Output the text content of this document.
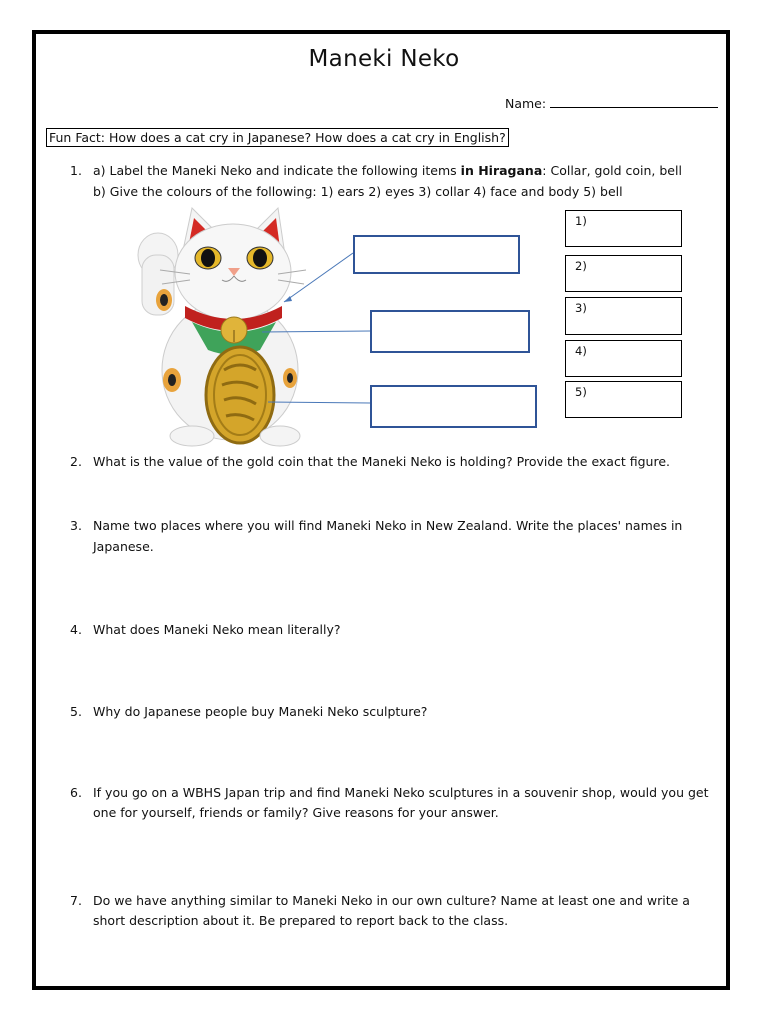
Maneki Neko
Name:
Fun Fact: How does a cat cry in Japanese? How does a cat cry in English?
1. a) Label the Maneki Neko and indicate the following items in Hiragana: Collar, gold coin, bell
b) Give the colours of the following: 1) ears 2) eyes 3) collar 4) face and body 5) bell
1)
2)
3)
4)
5)
2. What is the value of the gold coin that the Maneki Neko is holding? Provide the exact figure.
3. Name two places where you will find Maneki Neko in New Zealand. Write the places' names in
Japanese.
4. What does Maneki Neko mean literally?
5. Why do Japanese people buy Maneki Neko sculpture?
6. If you go on a WBHS Japan trip and find Maneki Neko sculptures in a souvenir shop, would you get
one for yourself, friends or family? Give reasons for your answer.
7. Do we have anything similar to Maneki Neko in our own culture? Name at least one and write a
short description about it. Be prepared to report back to the class.
